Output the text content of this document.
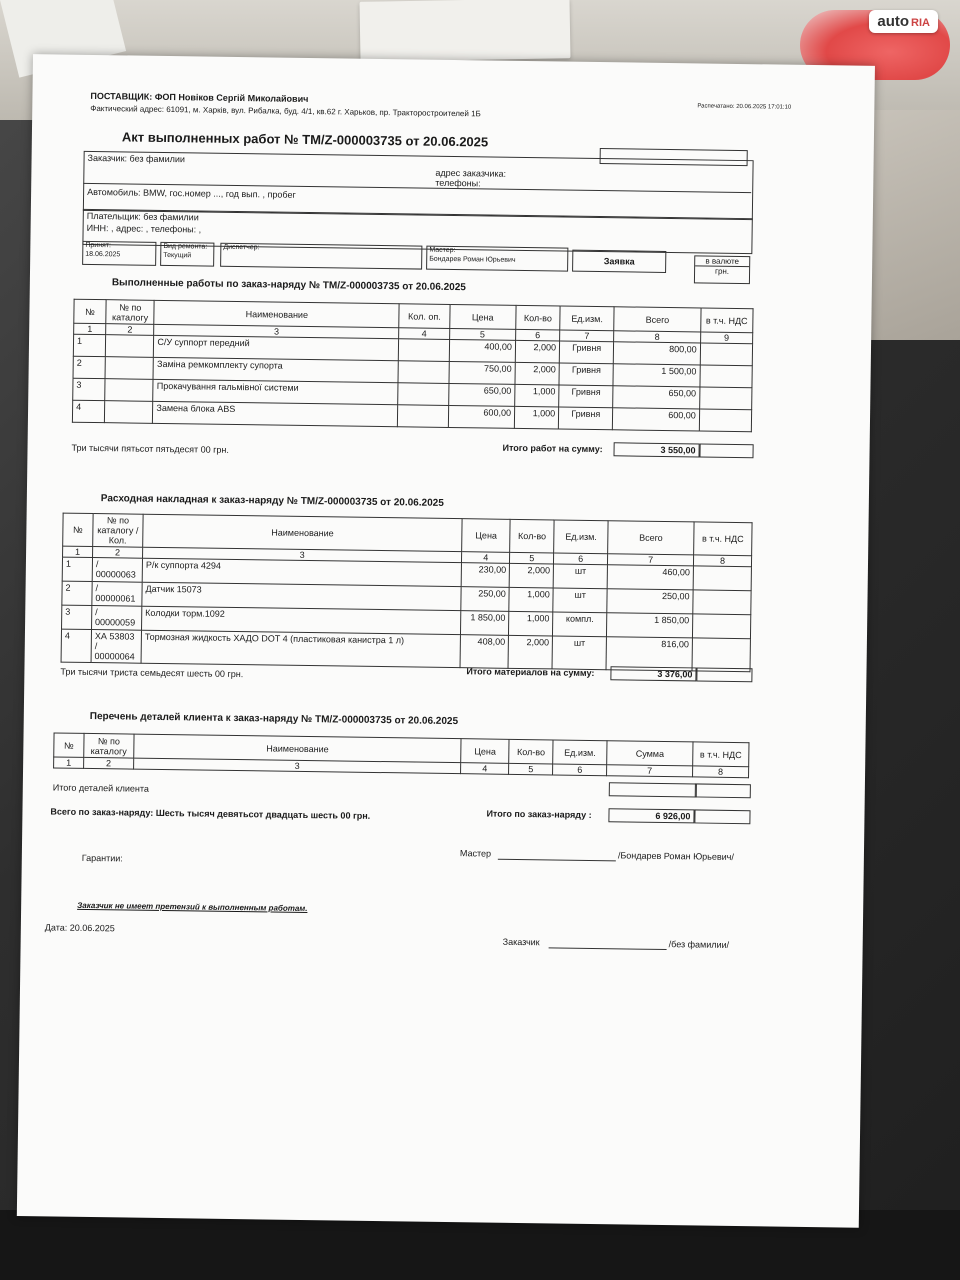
auto RIA
ПОСТАВЩИК: ФОП Новіков Сергій Миколайович
Фактический адрес: 61091, м. Харків, вул. Рибалка, буд. 4/1, кв.62 г. Харьков, пр. Тракторостроителей 1Б	Распечатано: 20.06.2025 17:01:10
Акт выполненных работ № ТМ/Z-000003735 от 20.06.2025
Заказчик: без фамилии
адрес заказчика:
телефоны:
Автомобиль: BMW, гос.номер ..., год вып. , пробег
Плательщик: без фамилии
ИНН: , адрес: , телефоны: ,
Принят:
18.06.2025
Вид ремонта:
Текущий
Диспетчер:	Мастер:
Бондарев Роман Юрьевич	Заявка	в валюте
грн.
Выполненные работы по заказ-наряду № ТМ/Z-000003735 от 20.06.2025
№	№ по каталогу	Наименование	Кол. оп.	Цена	Кол-во	Ед.изм.	Всего	в т.ч. НДС
1	2	3	4	5	6	7	8	9
1		С/У суппорт передний		400,00	2,000	Гривня	800,00	
2		Заміна ремкомплекту супорта		750,00	2,000	Гривня	1 500,00	
3		Прокачування гальмівної системи		650,00	1,000	Гривня	650,00	
4		Замена блока ABS		600,00	1,000	Гривня	600,00	
Итого работ на сумму:	3 550,00
Три тысячи пятьсот пятьдесят 00 грн.
Расходная накладная к заказ-наряду № ТМ/Z-000003735 от 20.06.2025
№	№ по каталогу / Кол.	Наименование	Цена	Кол-во	Ед.изм.	Всего	в т.ч. НДС
1	2	3	4	5	6	7	8
1	/ 00000063	Р/к суппорта 4294	230,00	2,000	шт	460,00	
2	/ 00000061	Датчик 15073	250,00	1,000	шт	250,00	
3	/ 00000059	Колодки торм.1092	1 850,00	1,000	компл.	1 850,00	
4	ХА 53803 / 00000064	Тормозная жидкость ХАДО DOT 4 (пластиковая канистра 1 л)	408,00	2,000	шт	816,00	
Итого материалов на сумму:	3 376,00
Три тысячи триста семьдесят шесть 00 грн.
Перечень деталей клиента к заказ-наряду № ТМ/Z-000003735 от 20.06.2025
№	№ по каталогу	Наименование	Цена	Кол-во	Ед.изм.	Сумма	в т.ч. НДС
1	2	3	4	5	6	7	8
Итого деталей клиента
Итого по заказ-наряду :	6 926,00
Всего по заказ-наряду: Шесть тысяч девятьсот двадцать шесть 00 грн.
Мастер	/Бондарев Роман Юрьевич/
Гарантии:
Заказчик не имеет претензий к выполненным работам.
Дата: 20.06.2025
Заказчик	/без фамилии/
